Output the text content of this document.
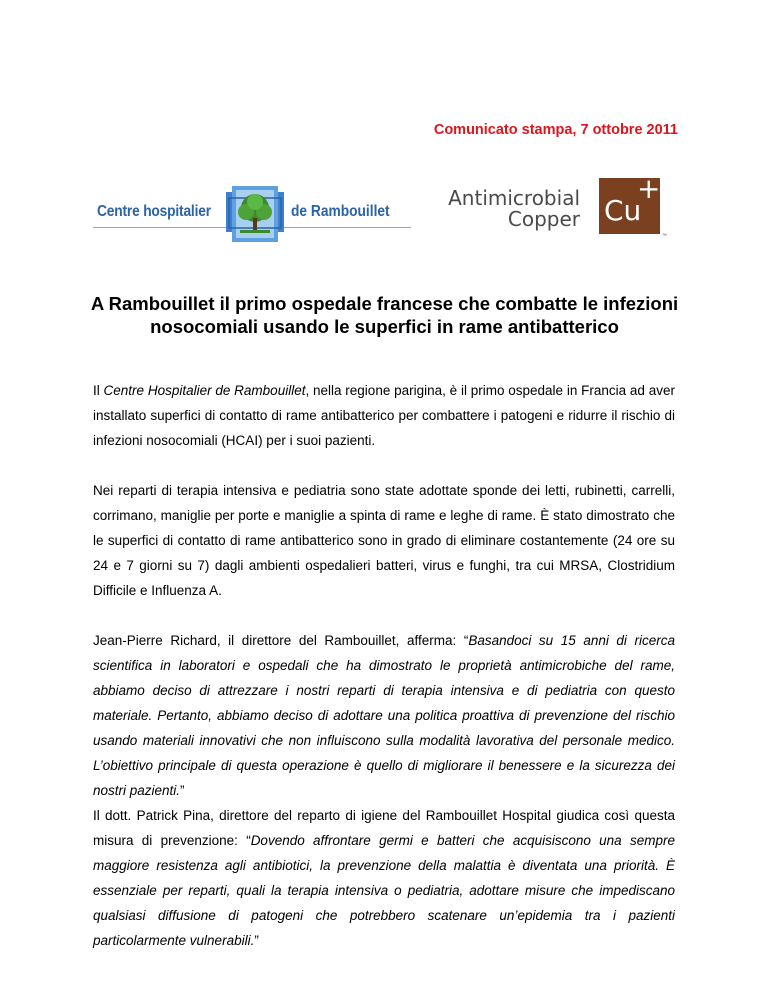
Comunicato stampa, 7 ottobre 2011
Centre hospitalier	de Rambouillet
Antimicrobial
Copper Cu
+
™
A Rambouillet il primo ospedale francese che combatte le infezioni
nosocomiali usando le superfici in rame antibatterico

Il Centre Hospitalier de Rambouillet, nella regione parigina, è il primo ospedale in Francia ad aver installato superfici di contatto di rame antibatterico per combattere i patogeni e ridurre il rischio di infezioni nosocomiali (HCAI) per i suoi pazienti.

Nei reparti di terapia intensiva e pediatria sono state adottate sponde dei letti, rubinetti, carrelli, corrimano, maniglie per porte e maniglie a spinta di rame e leghe di rame. È stato dimostrato che le superfici di contatto di rame antibatterico sono in grado di eliminare costantemente (24 ore su 24 e 7 giorni su 7) dagli ambienti ospedalieri batteri, virus e funghi, tra cui MRSA, Clostridium Difficile e Influenza A.

Jean-Pierre Richard, il direttore del Rambouillet, afferma: “Basandoci su 15 anni di ricerca scientifica in laboratori e ospedali che ha dimostrato le proprietà antimicrobiche del rame, abbiamo deciso di attrezzare i nostri reparti di terapia intensiva e di pediatria con questo materiale. Pertanto, abbiamo deciso di adottare una politica proattiva di prevenzione del rischio usando materiali innovativi che non influiscono sulla modalità lavorativa del personale medico. L’obiettivo principale di questa operazione è quello di migliorare il benessere e la sicurezza dei nostri pazienti.”

Il dott. Patrick Pina, direttore del reparto di igiene del Rambouillet Hospital giudica così questa misura di prevenzione: “Dovendo affrontare germi e batteri che acquisiscono una sempre maggiore resistenza agli antibiotici, la prevenzione della malattia è diventata una priorità. È essenziale per reparti, quali la terapia intensiva o pediatria, adottare misure che impediscano qualsiasi diffusione di patogeni che potrebbero scatenare un’epidemia tra i pazienti particolarmente vulnerabili.”
